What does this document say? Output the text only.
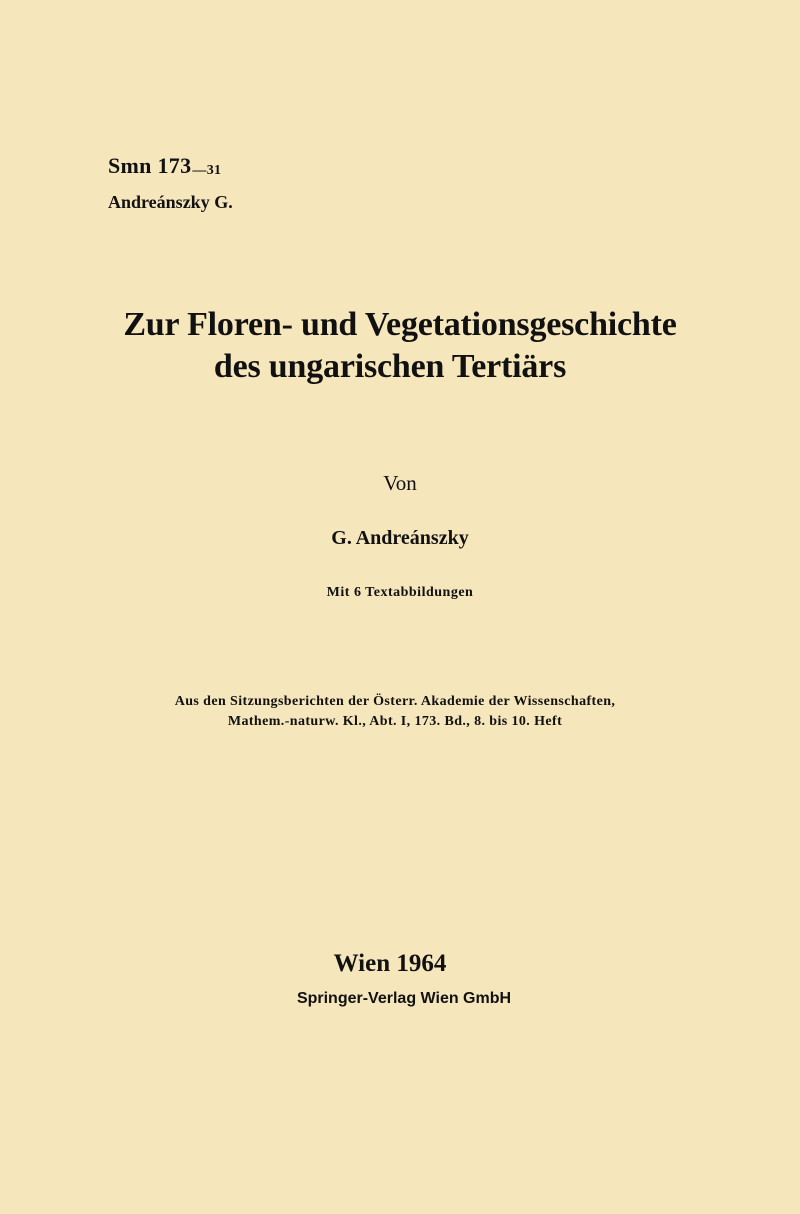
Smn 173—31
Andreánszky G.
Zur Floren- und Vegetationsgeschichte
des ungarischen Tertiärs
Von
G. Andreánszky
Mit 6 Textabbildungen
Aus den Sitzungsberichten der Österr. Akademie der Wissenschaften,
Mathem.-naturw. Kl., Abt. I, 173. Bd., 8. bis 10. Heft
Wien 1964
Springer-Verlag Wien GmbH
